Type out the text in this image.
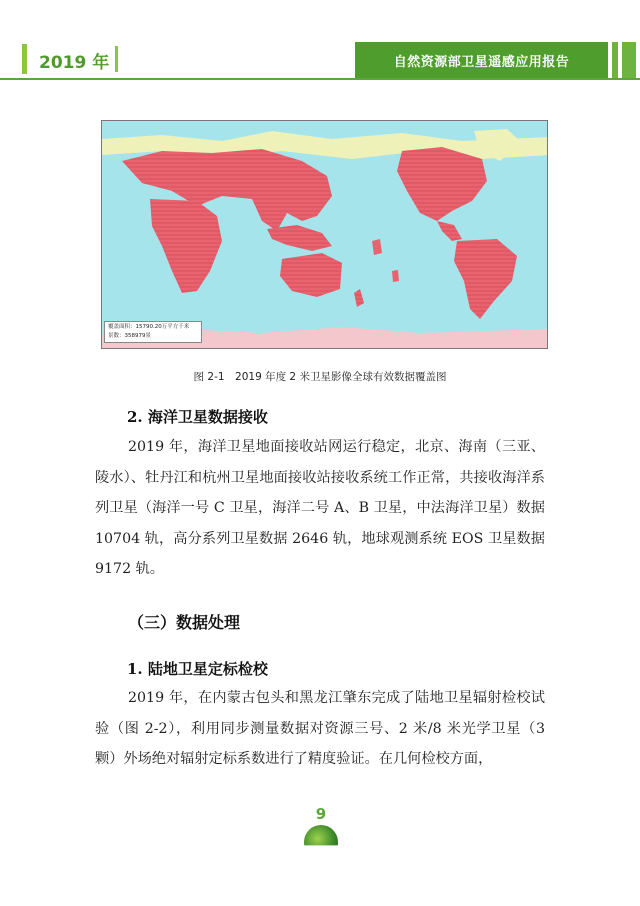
2019 年	自然资源部卫星遥感应用报告
覆盖面积：15790.20万平方千米
景数：358979景
图 2-1　2019 年度 2 米卫星影像全球有效数据覆盖图
2. 海洋卫星数据接收

2019 年，海洋卫星地面接收站网运行稳定，北京、海南（三亚、陵水）、牡丹江和杭州卫星地面接收站接收系统工作正常，共接收海洋系列卫星（海洋一号 C 卫星，海洋二号 A、B 卫星，中法海洋卫星）数据 10704 轨，高分系列卫星数据 2646 轨，地球观测系统 EOS 卫星数据 9172 轨。

（三）数据处理
1. 陆地卫星定标检校

2019 年，在内蒙古包头和黑龙江肇东完成了陆地卫星辐射检校试验（图 2-2），利用同步测量数据对资源三号、2 米/8 米光学卫星（3 颗）外场绝对辐射定标系数进行了精度验证。在几何检校方面，

9
